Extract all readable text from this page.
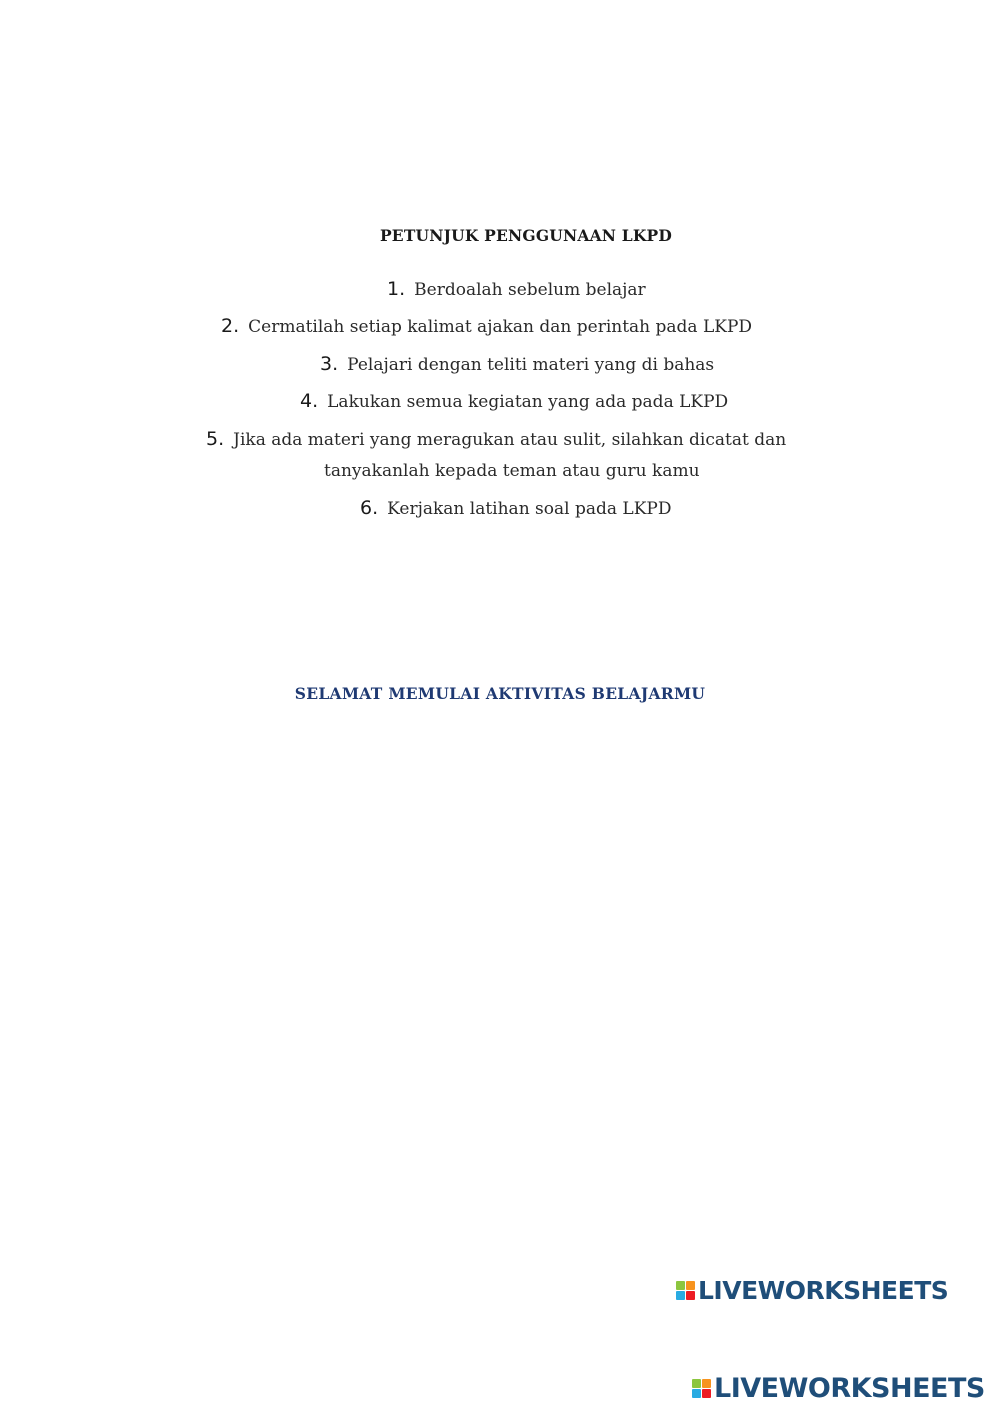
PETUNJUK PENGGUNAAN LKPD
1. Berdoalah sebelum belajar
2. Cermatilah setiap kalimat ajakan dan perintah pada LKPD
3. Pelajari dengan teliti materi yang di bahas
4. Lakukan semua kegiatan yang ada pada LKPD
5. Jika ada materi yang meragukan atau sulit, silahkan dicatat dan
tanyakanlah kepada teman atau guru kamu
6. Kerjakan latihan soal pada LKPD
SELAMAT MEMULAI AKTIVITAS BELAJARMU
LIVEWORKSHEETS
LIVEWORKSHEETS
